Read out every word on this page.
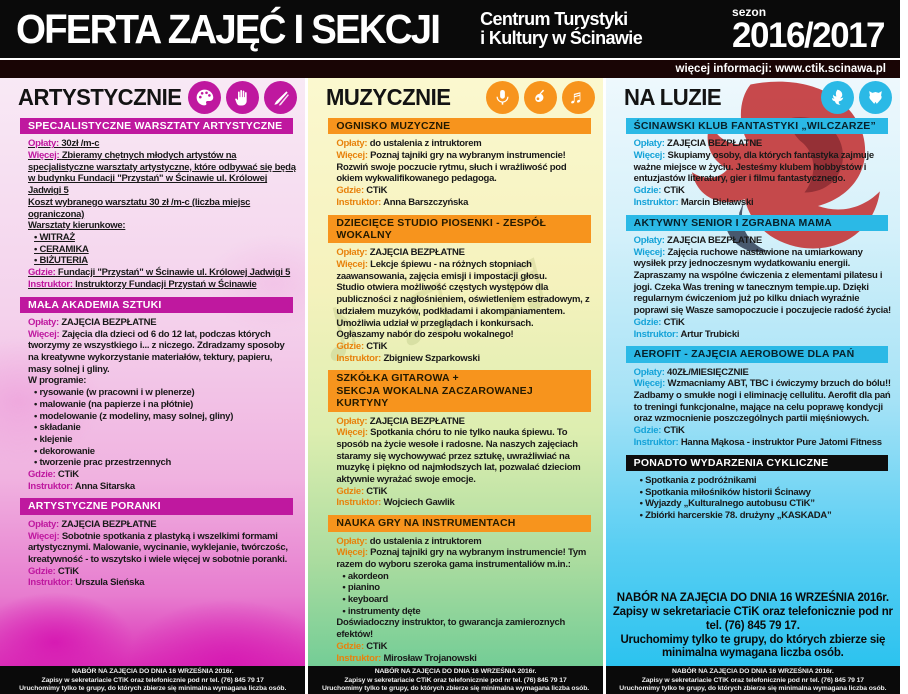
OFERTA ZAJĘĆ I SEKCJI Centrum Turystyki
i Kultury w Ścinawie
sezon
2016/2017
więcej informacji: www.ctik.scinawa.pl
ARTYSTYCZNIE
SPECJALISTYCZNE WARSZTATY ARTYSTYCZNE

Opłaty: 30zł /m-c

Więcej: Zbieramy chętnych młodych artystów na specjalistyczne warsztaty artystyczne, które odbywać się będą w budynku Fundacji "Przystań" w Ścinawie ul. Królowej Jadwigi 5

Koszt wybranego warsztatu 30 zł /m-c (liczba miejsc ograniczona)

Warsztaty kierunkowe:

• WITRAŻ

• CERAMIKA

• BIŻUTERIA

Gdzie: Fundacji "Przystań" w Ścinawie ul. Królowej Jadwigi 5

Instruktor: Instruktorzy Fundacji Przystań w Ścinawie

MAŁA AKADEMIA SZTUKI

Opłaty: ZAJĘCIA BEZPŁATNE

Więcej: Zajęcia dla dzieci od 6 do 12 lat, podczas których tworzymy ze wszystkiego i... z niczego. Zdradzamy sposoby na kreatywne wykorzystanie materiałów, tektury, papieru, masy solnej i gliny.

W programie:

• rysowanie (w pracowni i w plenerze)

• malowanie (na papierze i na płótnie)

• modelowanie (z modeliny, masy solnej, gliny)

• składanie

• klejenie

• dekorowanie

• tworzenie prac przestrzennych

Gdzie: CTiK

Instruktor: Anna Sitarska

ARTYSTYCZNE PORANKI

Opłaty: ZAJĘCIA BEZPŁATNE

Więcej: Sobotnie spotkania z plastyką i wszelkimi formami artystycznymi. Malowanie, wycinanie, wyklejanie, twórczośc, kreatywność - to wszytsko i wiele więcej w sobotnie poranki.

Gdzie: CTiK

Instruktor: Urszula Sieńska

NABÓR NA ZAJĘCIA DO DNIA 16 WRZEŚNIA 2016r.
Zapisy w sekretariacie CTiK oraz telefonicznie pod nr tel. (76) 845 79 17
Uruchomimy tylko te grupy, do których zbierze się minimalna wymagana liczba osób.
MUZYCZNIE	♬
OGNISKO MUZYCZNE

Opłaty: do ustalenia z intruktorem

Więcej: Poznaj tajniki gry na wybranym instrumencie! Rozwiń swoje poczucie rytmu, słuch i wrażliwość pod okiem wykwalifikowanego pedagoga.

Gdzie: CTiK

Instruktor: Anna Barszczyńska

DZIECIĘCE STUDIO PIOSENKI - ZESPÓŁ WOKALNY

Opłaty: ZAJĘCIA BEZPŁATNE

Więcej: Lekcje śpiewu - na różnych stopniach zaawansowania, zajęcia emisji i impostacji głosu.

Studio otwiera możliwość częstych występów dla publiczności z nagłośnieniem, oświetleniem estradowym, z udziałem muzyków, podkładami i akompaniamentem. Umożliwia udział w przeglądach i konkursach.

Ogłaszamy nabór do zespołu wokalnego!

Gdzie: CTiK

Instruktor: Zbigniew Szparkowski

SZKÓŁKA GITAROWA +
SEKCJA WOKALNA ZACZAROWANEJ KURTYNY

Opłaty: ZAJĘCIA BEZPŁATNE

Więcej: Spotkania chóru to nie tylko nauka śpiewu. To sposób na życie wesołe i radosne. Na naszych zajęciach staramy się wychowywać przez sztukę, uwrażliwiać na muzykę i piękno od najmłodszych lat, pozwalać dzieciom aktywnie wyrażać swoje emocje.

Gdzie: CTiK

Instruktor: Wojciech Gawlik

NAUKA GRY NA INSTRUMENTACH

Opłaty: do ustalenia z intruktorem

Więcej: Poznaj tajniki gry na wybranym instrumencie! Tym razem do wyboru szeroka gama instrumentaliów m.in.:

• akordeon

• pianino

• keyboard

• instrumenty dęte

Doświadoczny instruktor, to gwarancja zamieroznych efektów!

Gdzie: CTiK

Instruktor: Mirosław Trojanowski

♪ ♫ ♬
NABÓR NA ZAJĘCIA DO DNIA 16 WRZEŚNIA 2016r.
Zapisy w sekretariacie CTiK oraz telefonicznie pod nr tel. (76) 845 79 17
Uruchomimy tylko te grupy, do których zbierze się minimalna wymagana liczba osób.
NA LUZIE
ŚCINAWSKI KLUB FANTASTYKI „WILCZARZE”

Opłaty: ZAJĘCIA BEZPŁATNE

Więcej: Skupiamy osoby, dla których fantastyka zajmuje ważne miejsce w życiu. Jesteśmy klubem hobbystów i entuzjastów literatury, gier i filmu fantastycznego.

Gdzie: CTiK

Instruktor: Marcin Bielawski

AKTYWNY SENIOR I ZGRABNA MAMA

Opłaty: ZAJĘCIA BEZPŁATNE

Więcej: Zajęcia ruchowe nastawione na umiarkowany wysiłek przy jednoczesnym wydatkowaniu energii. Zapraszamy na wspólne ćwiczenia z elementami pilatesu i jogi. Czeka Was trening w tanecznym tempie.up. Dzięki regularnym ćwiczeniom już po kilku dniach wyraźnie poprawi się Wasze samopoczucie i poczujecie radość życia!

Gdzie: CTiK

Instruktor: Artur Trubicki

AEROFIT - ZAJĘCIA AEROBOWE DLA PAŃ

Opłaty: 40ZŁ/MIESIĘCZNIE

Więcej: Wzmacniamy ABT, TBC i ćwiczymy brzuch do bólu!! Zadbamy o smukłe nogi i eliminację cellulitu. Aerofit dla pań to treningi funkcjonalne, mające na celu poprawę kondycji oraz wzmocnienie poszczególnych partii mięśniowych.

Gdzie: CTiK

Instruktor: Hanna Mąkosa - instruktor Pure Jatomi Fitness

PONADTO WYDARZENIA CYKLICZNE

• Spotkania z podróżnikami

• Spotkania miłośników historii Ścinawy

• Wyjazdy „Kulturalnego autobusu CTiK”

• Zbiórki harcerskie 78. drużyny „KASKADA”

NABÓR NA ZAJĘCIA DO DNIA 16 WRZEŚNIA 2016r.
Zapisy w sekretariacie CTiK oraz telefonicznie pod nr tel. (76) 845 79 17.
Uruchomimy tylko te grupy, do których zbierze się minimalna wymagana liczba osób.
NABÓR NA ZAJĘCIA DO DNIA 16 WRZEŚNIA 2016r.
Zapisy w sekretariacie CTiK oraz telefonicznie pod nr tel. (76) 845 79 17
Uruchomimy tylko te grupy, do których zbierze się minimalna wymagana liczba osób.
